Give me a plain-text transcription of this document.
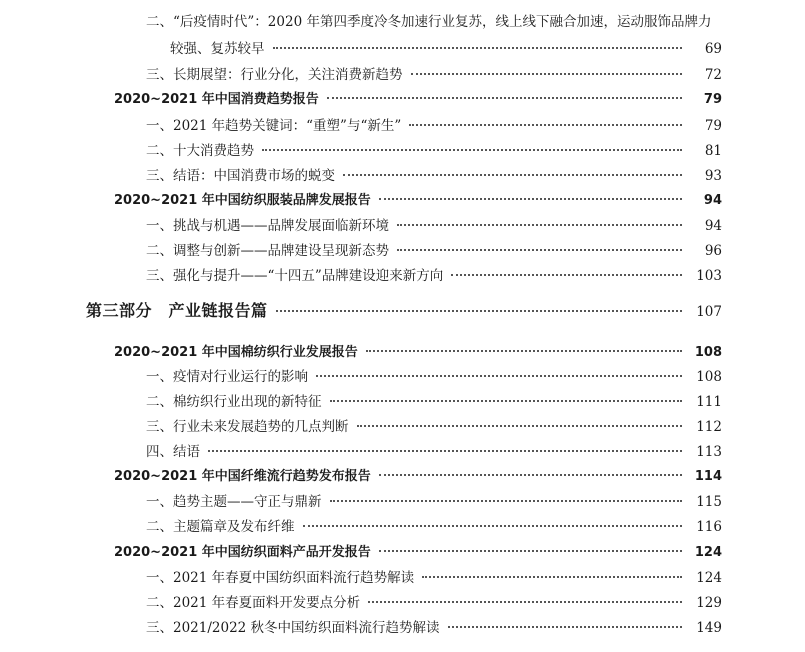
二、“后疫情时代”：2020 年第四季度冷冬加速行业复苏，线上线下融合加速，运动服饰品牌力
较强、复苏较早	69
三、长期展望：行业分化，关注消费新趋势	72
2020~2021 年中国消费趋势报告	79
一、2021 年趋势关键词：“重塑”与“新生”	79
二、十大消费趋势	81
三、结语：中国消费市场的蜕变	93
2020~2021 年中国纺织服装品牌发展报告	94
一、挑战与机遇——品牌发展面临新环境	94
二、调整与创新——品牌建设呈现新态势	96
三、强化与提升——“十四五”品牌建设迎来新方向	103
第三部分　产业链报告篇	107
2020~2021 年中国棉纺织行业发展报告	108
一、疫情对行业运行的影响	108
二、棉纺织行业出现的新特征	111
三、行业未来发展趋势的几点判断	112
四、结语	113
2020~2021 年中国纤维流行趋势发布报告	114
一、趋势主题——守正与鼎新	115
二、主题篇章及发布纤维	116
2020~2021 年中国纺织面料产品开发报告	124
一、2021 年春夏中国纺织面料流行趋势解读	124
二、2021 年春夏面料开发要点分析	129
三、2021/2022 秋冬中国纺织面料流行趋势解读	149
